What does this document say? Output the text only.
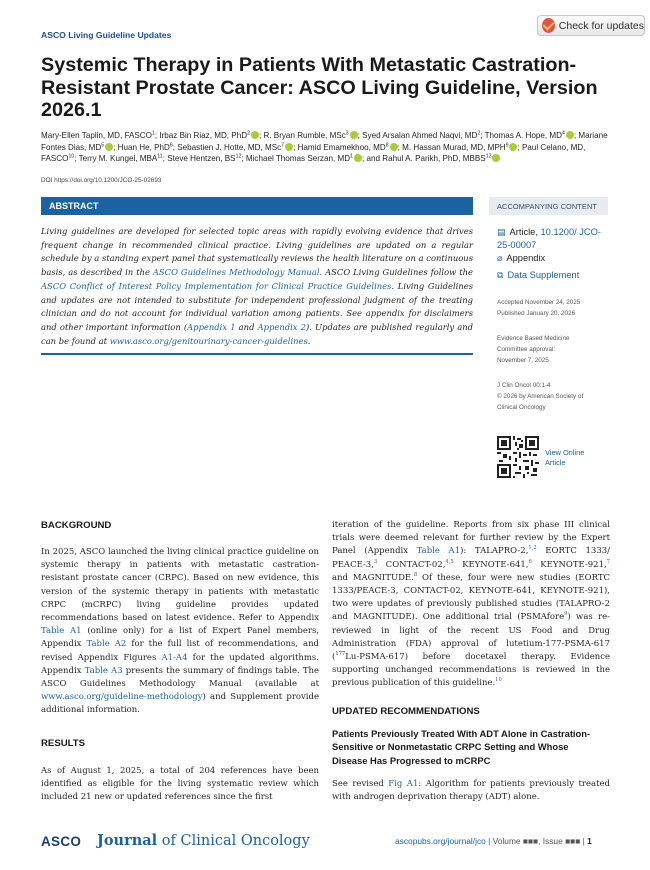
ASCO Living Guideline Updates
Check for updates
Systemic Therapy in Patients With Metastatic Castration-Resistant Prostate Cancer: ASCO Living Guideline, Version 2026.1
Mary-Ellen Taplin, MD, FASCO$^1$; Irbaz Bin Riaz, MD, PhD$^2$ ; R. Bryan Rumble, MSc$^3$ ; Syed Arsalan Ahmed Naqvi, $MD^2$; Thomas A. Hope, $MD^4$ ; Mariane Fontes Dias, $MD^5$ ; Huan He, PhD$^6$; Sebastien J. Hotte, MD, MSc$^7$ ; Hamid Emamekhoo, $MD^8$ ; M. Hassan Murad, MD, MPH$^9$ ; Paul Celano, MD, FASCO$^{10}$; Terry M. Kungel, MBA$^{11}$; Steve Hentzen, BS$^{12}$; Michael Thomas Serzan, $MD^1$ ; and Rahul A. Parikh, PhD, MBBS$^{13}$
DOI https://doi.org/10.1200/JCO-25-02693
ABSTRACT
Living guidelines are developed for selected topic areas with rapidly evolving evidence that drives frequent change in recommended clinical practice. Living guidelines are updated on a regular schedule by a standing expert panel that systematically reviews the health literature on a continuous basis, as described in the ASCO Guidelines Methodology Manual. ASCO Living Guidelines follow the ASCO Conflict of Interest Policy Implementation for Clinical Practice Guidelines. Living Guidelines and updates are not intended to substitute for independent professional judgment of the treating clinician and do not account for individual variation among patients. See appendix for disclaimers and other important information (Appendix 1 and Appendix 2). Updates are published regularly and can be found at www.asco.org/genitourinary-cancer-guidelines.
ACCOMPANYING CONTENT
▤ Article, 10.1200/ JCO-25-00007
⌀ Appendix
⧉ Data Supplement
Accepted November 24, 2025
Published January 20, 2026
Evidence Based Medicine
Committee approval:
November 7, 2025
J Clin Oncol 00:1-4
© 2026 by American Society of
Clinical Oncology
View Online
Article
BACKGROUND
In 2025, ASCO launched the living clinical practice guideline on systemic therapy in patients with metastatic castration-resistant prostate cancer (CRPC). Based on new evidence, this version of the systemic therapy in patients with metastatic CRPC (mCRPC) living guideline provides updated recommendations based on latest evidence. Refer to Appendix Table A1 (online only) for a list of Expert Panel members, Appendix Table A2 for the full list of recommendations, and revised Appendix Figures A1-A4 for the updated algorithms. Appendix Table A3 presents the summary of findings table. The ASCO Guidelines Methodology Manual (available at www.asco.org/guideline-methodology) and Supplement provide additional information.
RESULTS
As of August 1, 2025, a total of 204 references have been identified as eligible for the living systematic review which included 21 new or updated references since the first
iteration of the guideline. Reports from six phase III clinical trials were deemed relevant for further review by the Expert Panel (Appendix Table A1): TALAPRO-2,$^{1,2}$ EORTC 1333/ PEACE-3,$^3$ CONTACT-02,$^{4,5}$ KEYNOTE-641,$^6$ KEYNOTE-921,$^7$ and MAGNITUDE.$^8$ Of these, four were new studies (EORTC 1333/PEACE-3, CONTACT-02, KEYNOTE-641, KEYNOTE-921), two were updates of previously published studies (TALAPRO-2 and MAGNITUDE). One additional trial (PSMAfore$^9$) was re-reviewed in light of the recent US Food and Drug Administration (FDA) approval of lutetium-177-PSMA-617 ($^{177}$Lu-PSMA-617) before docetaxel therapy. Evidence supporting unchanged recommendations is reviewed in the previous publication of this guideline.$^{10}$
UPDATED RECOMMENDATIONS
Patients Previously Treated With ADT Alone in Castration-Sensitive or Nonmetastatic CRPC Setting and Whose Disease Has Progressed to mCRPC
See revised Fig A1: Algorithm for patients previously treated with androgen deprivation therapy (ADT) alone.
ASCO Journal of Clinical Oncology	ascopubs.org/journal/jco | Volume ■■■, Issue ■■■ | 1
